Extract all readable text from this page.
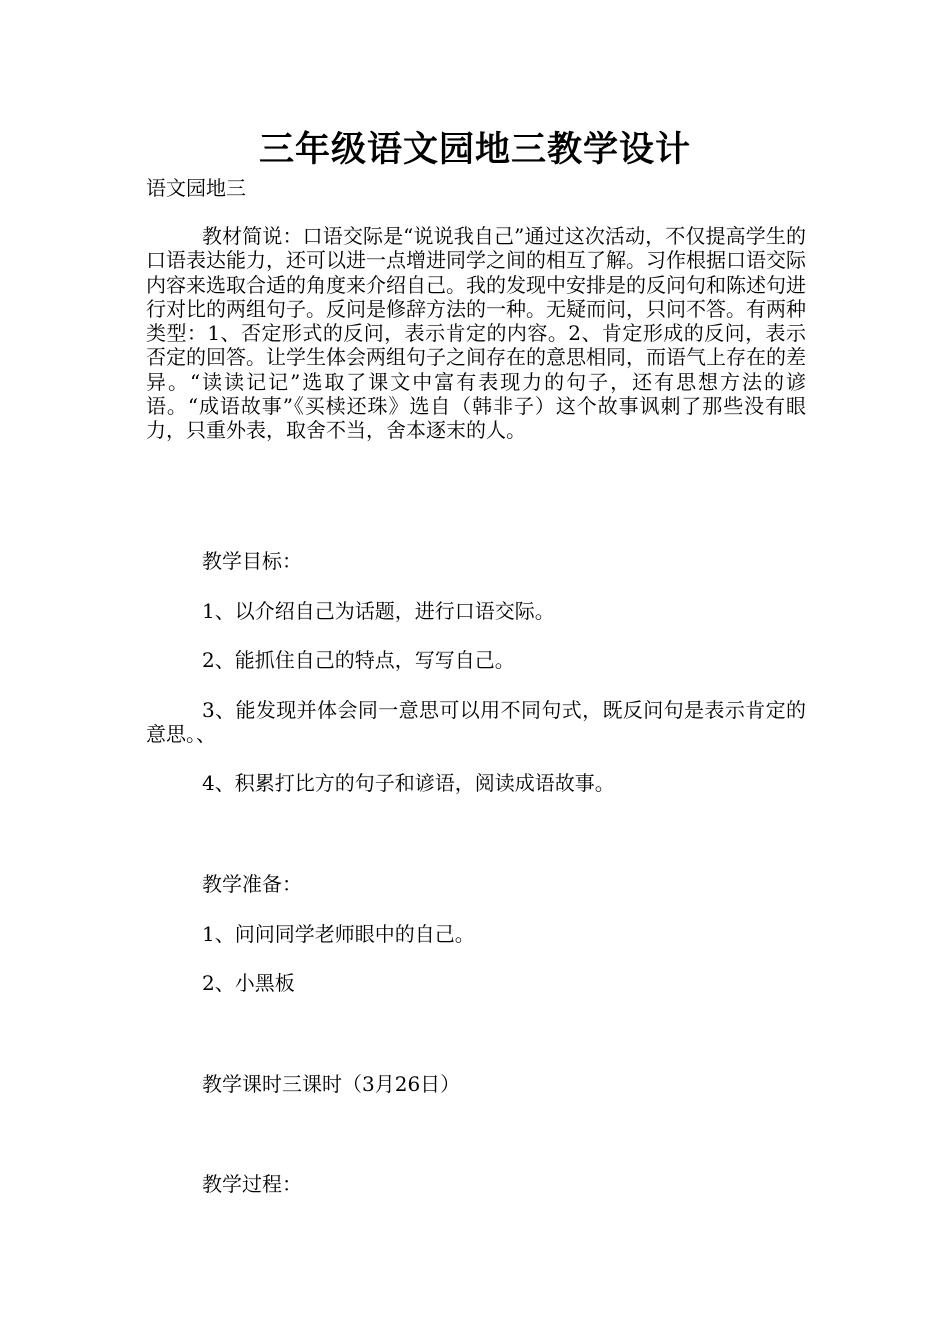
三年级语文园地三教学设计

语文园地三

教材简说：口语交际是“说说我自己”通过这次活动，不仅提高学生的口语表达能力，还可以进一点增进同学之间的相互了解。习作根据口语交际内容来选取合适的角度来介绍自己。我的发现中安排是的反问句和陈述句进行对比的两组句子。反问是修辞方法的一种。无疑而问，只问不答。有两种类型：1、否定形式的反问，表示肯定的内容。2、肯定形成的反问，表示否定的回答。让学生体会两组句子之间存在的意思相同，而语气上存在的差异。“读读记记”选取了课文中富有表现力的句子，还有思想方法的谚语。“成语故事”《买椟还珠》选自（韩非子）这个故事讽刺了那些没有眼力，只重外表，取舍不当，舍本逐末的人。

教学目标：

1、以介绍自己为话题，进行口语交际。

2、能抓住自己的特点，写写自己。

3、能发现并体会同一意思可以用不同句式，既反问句是表示肯定的意思。、

4、积累打比方的句子和谚语，阅读成语故事。

教学准备：

1、问问同学老师眼中的自己。

2、小黑板

教学课时三课时（3月26日）

教学过程：
